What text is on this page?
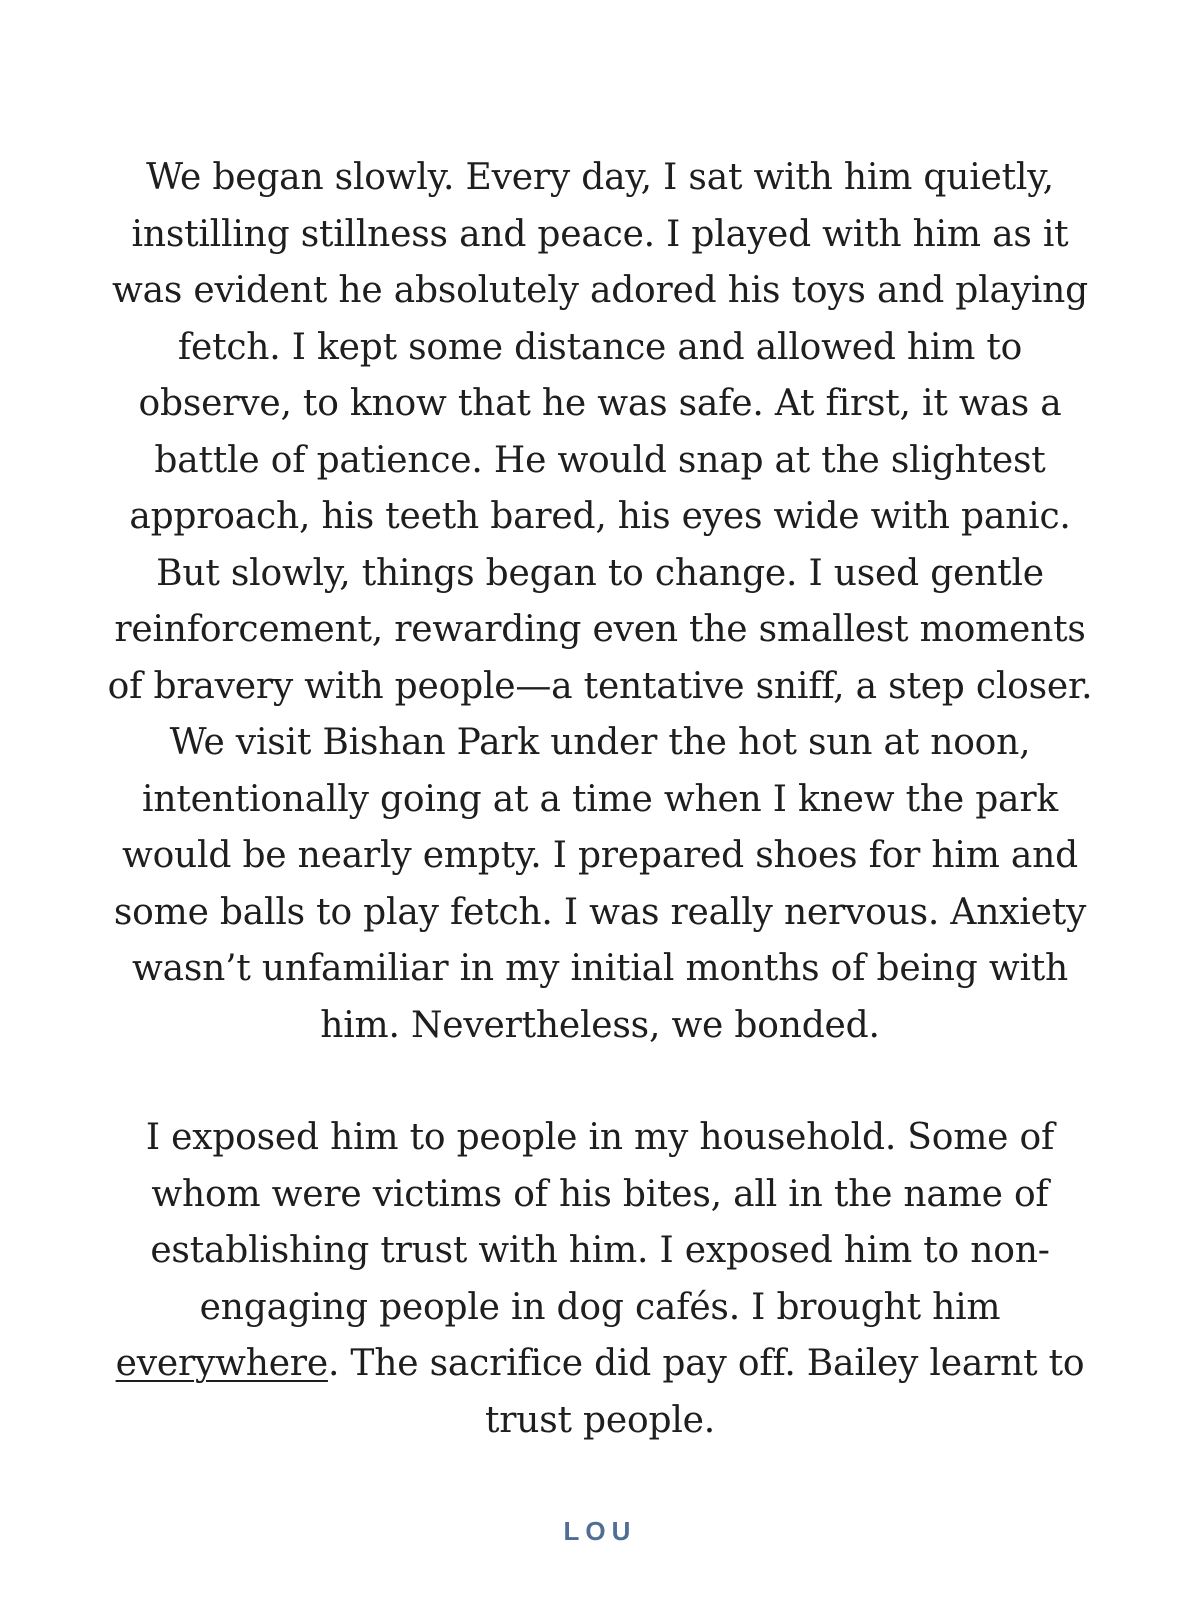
We began slowly. Every day, I sat with him quietly, instilling stillness and peace. I played with him as it was evident he absolutely adored his toys and playing fetch. I kept some distance and allowed him to observe, to know that he was safe. At first, it was a battle of patience. He would snap at the slightest approach, his teeth bared, his eyes wide with panic. But slowly, things began to change. I used gentle reinforcement, rewarding even the smallest moments of bravery with people—a tentative sniff, a step closer. We visit Bishan Park under the hot sun at noon, intentionally going at a time when I knew the park would be nearly empty. I prepared shoes for him and some balls to play fetch. I was really nervous. Anxiety wasn’t unfamiliar in my initial months of being with him. Nevertheless, we bonded.

I exposed him to people in my household. Some of whom were victims of his bites, all in the name of establishing trust with him. I exposed him to non-engaging people in dog cafés. I brought him everywhere. The sacrifice did pay off. Bailey learnt to trust people.

LOU
